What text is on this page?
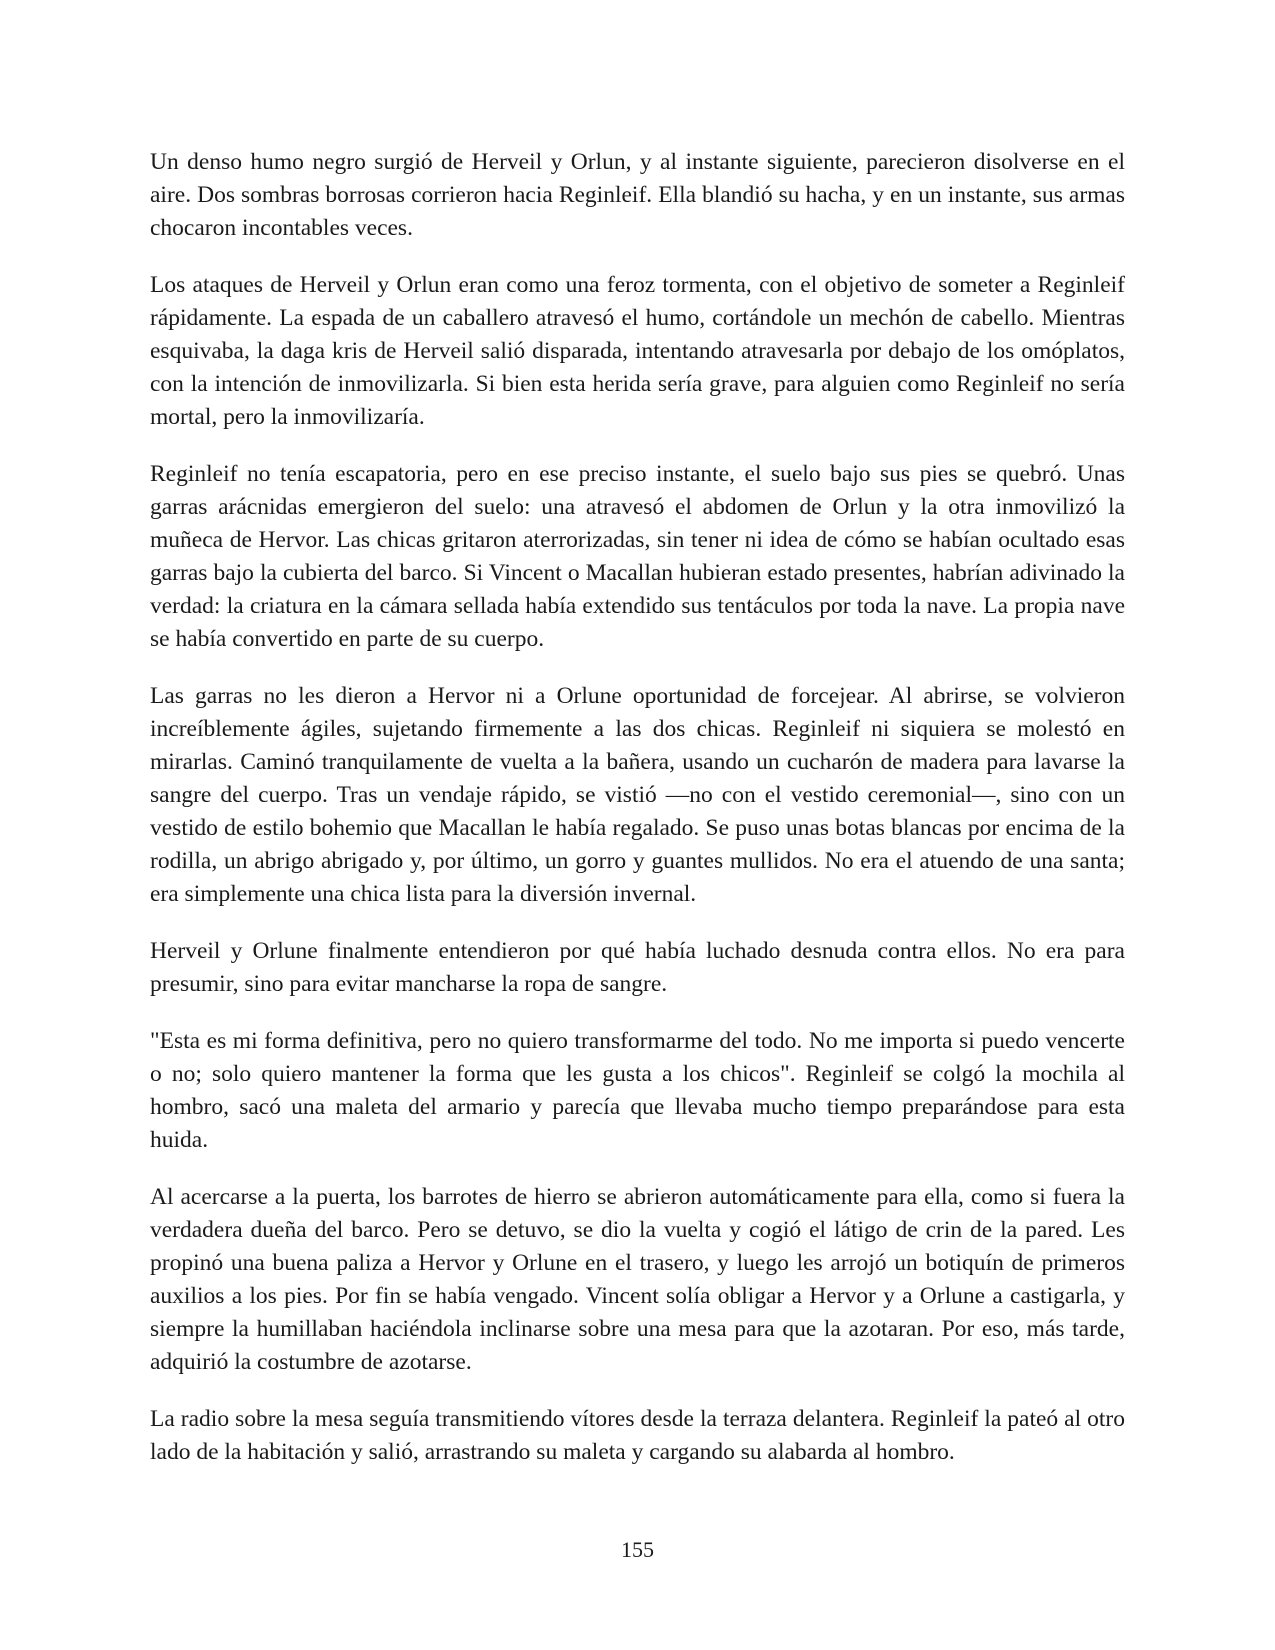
Un denso humo negro surgió de Herveil y Orlun, y al instante siguiente, parecieron disolverse en el aire. Dos sombras borrosas corrieron hacia Reginleif. Ella blandió su hacha, y en un instante, sus armas chocaron incontables veces.

Los ataques de Herveil y Orlun eran como una feroz tormenta, con el objetivo de someter a Reginleif rápidamente. La espada de un caballero atravesó el humo, cortándole un mechón de cabello. Mientras esquivaba, la daga kris de Herveil salió disparada, intentando atravesarla por debajo de los omóplatos, con la intención de inmovilizarla. Si bien esta herida sería grave, para alguien como Reginleif no sería mortal, pero la inmovilizaría.

Reginleif no tenía escapatoria, pero en ese preciso instante, el suelo bajo sus pies se quebró. Unas garras arácnidas emergieron del suelo: una atravesó el abdomen de Orlun y la otra inmovilizó la muñeca de Hervor. Las chicas gritaron aterrorizadas, sin tener ni idea de cómo se habían ocultado esas garras bajo la cubierta del barco. Si Vincent o Macallan hubieran estado presentes, habrían adivinado la verdad: la criatura en la cámara sellada había extendido sus tentáculos por toda la nave. La propia nave se había convertido en parte de su cuerpo.

Las garras no les dieron a Hervor ni a Orlune oportunidad de forcejear. Al abrirse, se volvieron increíblemente ágiles, sujetando firmemente a las dos chicas. Reginleif ni siquiera se molestó en mirarlas. Caminó tranquilamente de vuelta a la bañera, usando un cucharón de madera para lavarse la sangre del cuerpo. Tras un vendaje rápido, se vistió —no con el vestido ceremonial—, sino con un vestido de estilo bohemio que Macallan le había regalado. Se puso unas botas blancas por encima de la rodilla, un abrigo abrigado y, por último, un gorro y guantes mullidos. No era el atuendo de una santa; era simplemente una chica lista para la diversión invernal.

Herveil y Orlune finalmente entendieron por qué había luchado desnuda contra ellos. No era para presumir, sino para evitar mancharse la ropa de sangre.

"Esta es mi forma definitiva, pero no quiero transformarme del todo. No me importa si puedo vencerte o no; solo quiero mantener la forma que les gusta a los chicos". Reginleif se colgó la mochila al hombro, sacó una maleta del armario y parecía que llevaba mucho tiempo preparándose para esta huida.

Al acercarse a la puerta, los barrotes de hierro se abrieron automáticamente para ella, como si fuera la verdadera dueña del barco. Pero se detuvo, se dio la vuelta y cogió el látigo de crin de la pared. Les propinó una buena paliza a Hervor y Orlune en el trasero, y luego les arrojó un botiquín de primeros auxilios a los pies. Por fin se había vengado. Vincent solía obligar a Hervor y a Orlune a castigarla, y siempre la humillaban haciéndola inclinarse sobre una mesa para que la azotaran. Por eso, más tarde, adquirió la costumbre de azotarse.

La radio sobre la mesa seguía transmitiendo vítores desde la terraza delantera. Reginleif la pateó al otro lado de la habitación y salió, arrastrando su maleta y cargando su alabarda al hombro.

155
